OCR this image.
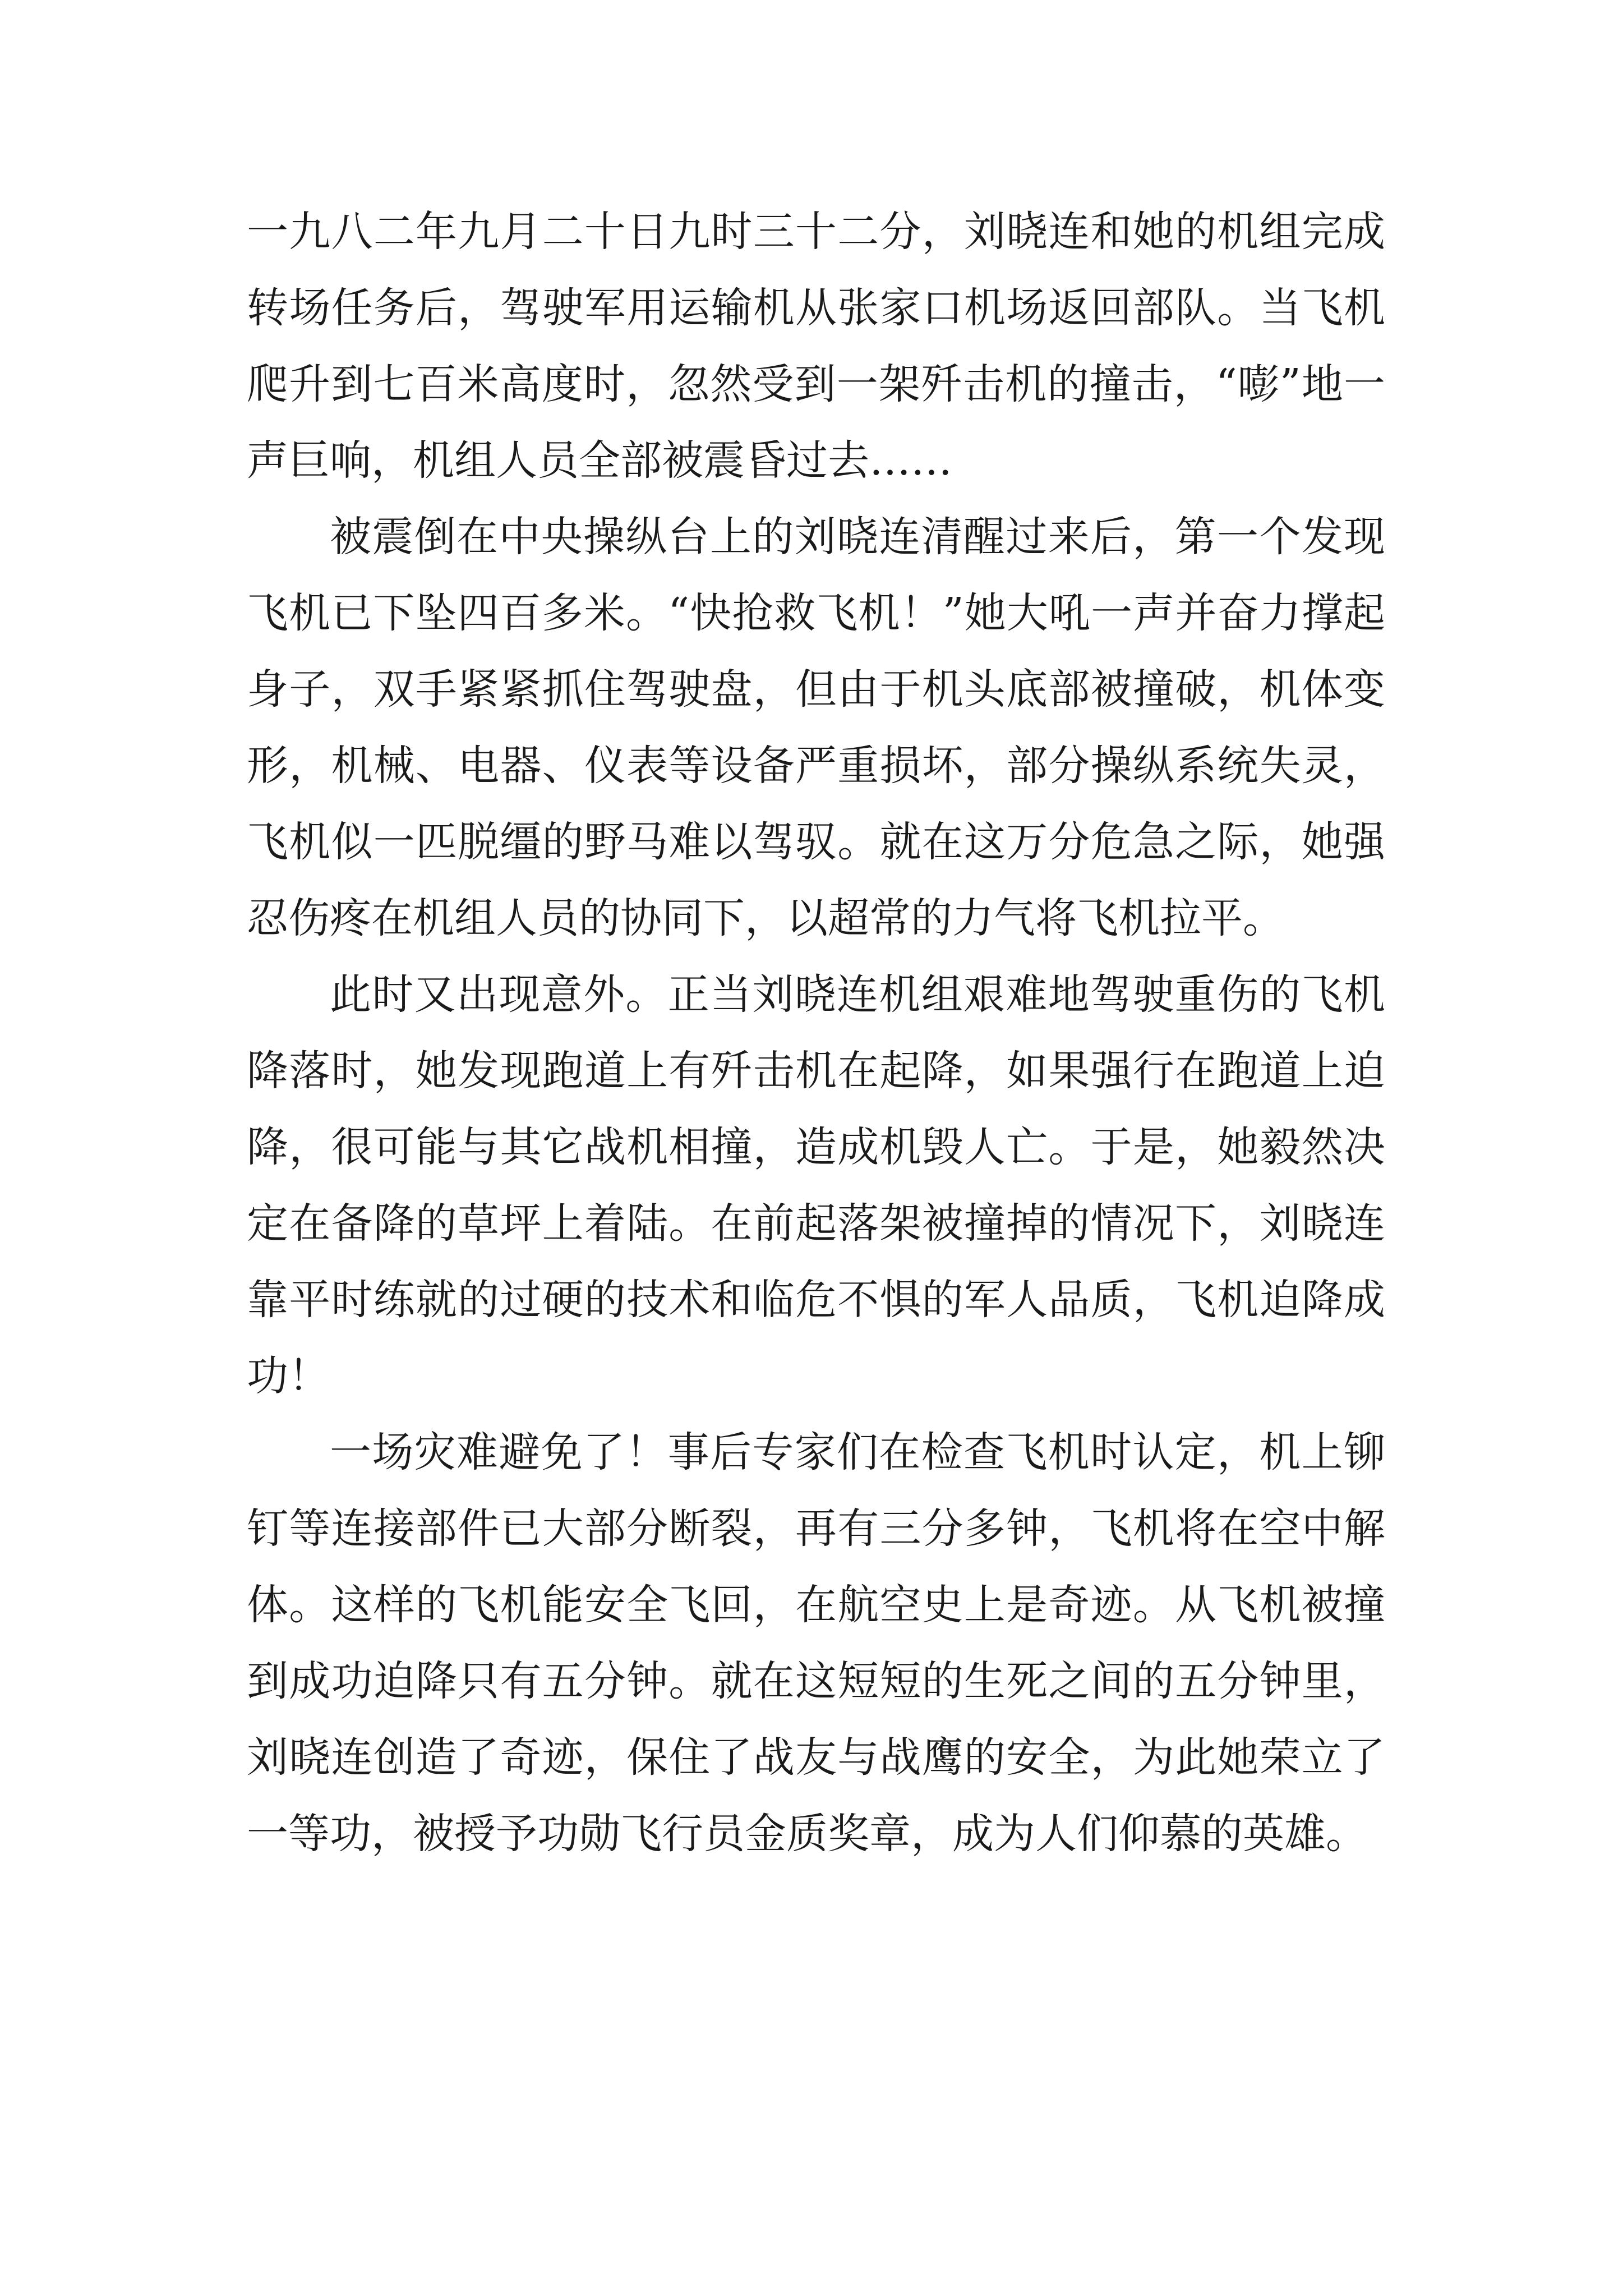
一九八二年九月二十日九时三十二分，刘晓连和她的机组完成转场任务后，驾驶军用运输机从张家口机场返回部队。当飞机爬升到七百米高度时，忽然受到一架歼击机的撞击，“嘭”地一声巨响，机组人员全部被震昏过去……

被震倒在中央操纵台上的刘晓连清醒过来后，第一个发现飞机已下坠四百多米。“快抢救飞机！”她大吼一声并奋力撑起身子，双手紧紧抓住驾驶盘，但由于机头底部被撞破，机体变形，机械、电器、仪表等设备严重损坏，部分操纵系统失灵，飞机似一匹脱缰的野马难以驾驭。就在这万分危急之际，她强忍伤疼在机组人员的协同下，以超常的力气将飞机拉平。

此时又出现意外。正当刘晓连机组艰难地驾驶重伤的飞机降落时，她发现跑道上有歼击机在起降，如果强行在跑道上迫降，很可能与其它战机相撞，造成机毁人亡。于是，她毅然决定在备降的草坪上着陆。在前起落架被撞掉的情况下，刘晓连靠平时练就的过硬的技术和临危不惧的军人品质，飞机迫降成功！

一场灾难避免了！事后专家们在检查飞机时认定，机上铆钉等连接部件已大部分断裂，再有三分多钟，飞机将在空中解体。这样的飞机能安全飞回，在航空史上是奇迹。从飞机被撞到成功迫降只有五分钟。就在这短短的生死之间的五分钟里，刘晓连创造了奇迹，保住了战友与战鹰的安全，为此她荣立了一等功，被授予功勋飞行员金质奖章，成为人们仰慕的英雄。
